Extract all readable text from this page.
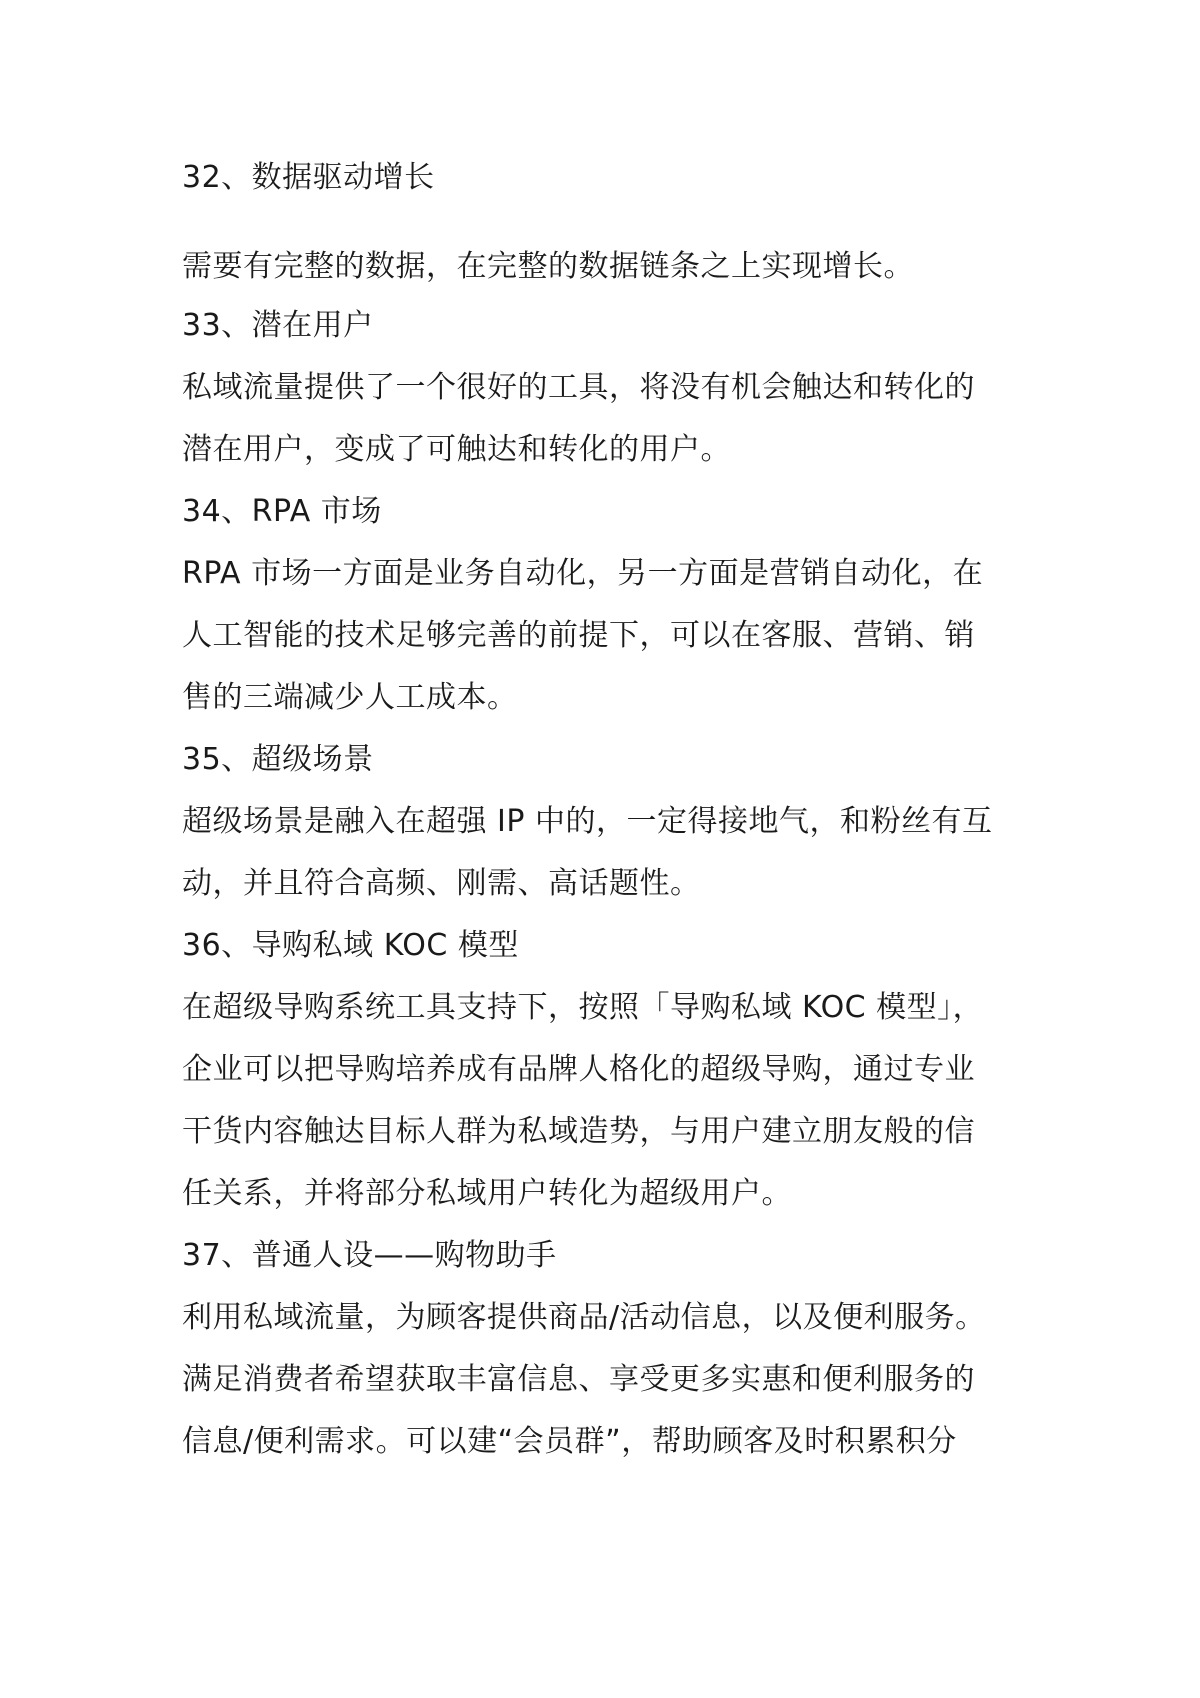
32、数据驱动增长
需要有完整的数据，在完整的数据链条之上实现增长。
33、潜在用户
私域流量提供了一个很好的工具，将没有机会触达和转化的
潜在用户，变成了可触达和转化的用户。
34、RPA 市场
RPA 市场一方面是业务自动化，另一方面是营销自动化，在
人工智能的技术足够完善的前提下，可以在客服、营销、销
售的三端减少人工成本。
35、超级场景
超级场景是融入在超强 IP 中的，一定得接地气，和粉丝有互
动，并且符合高频、刚需、高话题性。
36、导购私域 KOC 模型
在超级导购系统工具支持下，按照「导购私域 KOC 模型」，
企业可以把导购培养成有品牌人格化的超级导购，通过专业
干货内容触达目标人群为私域造势，与用户建立朋友般的信
任关系，并将部分私域用户转化为超级用户。
37、普通人设——购物助手
利用私域流量，为顾客提供商品/活动信息，以及便利服务。
满足消费者希望获取丰富信息、享受更多实惠和便利服务的
信息/便利需求。可以建“会员群”，帮助顾客及时积累积分
